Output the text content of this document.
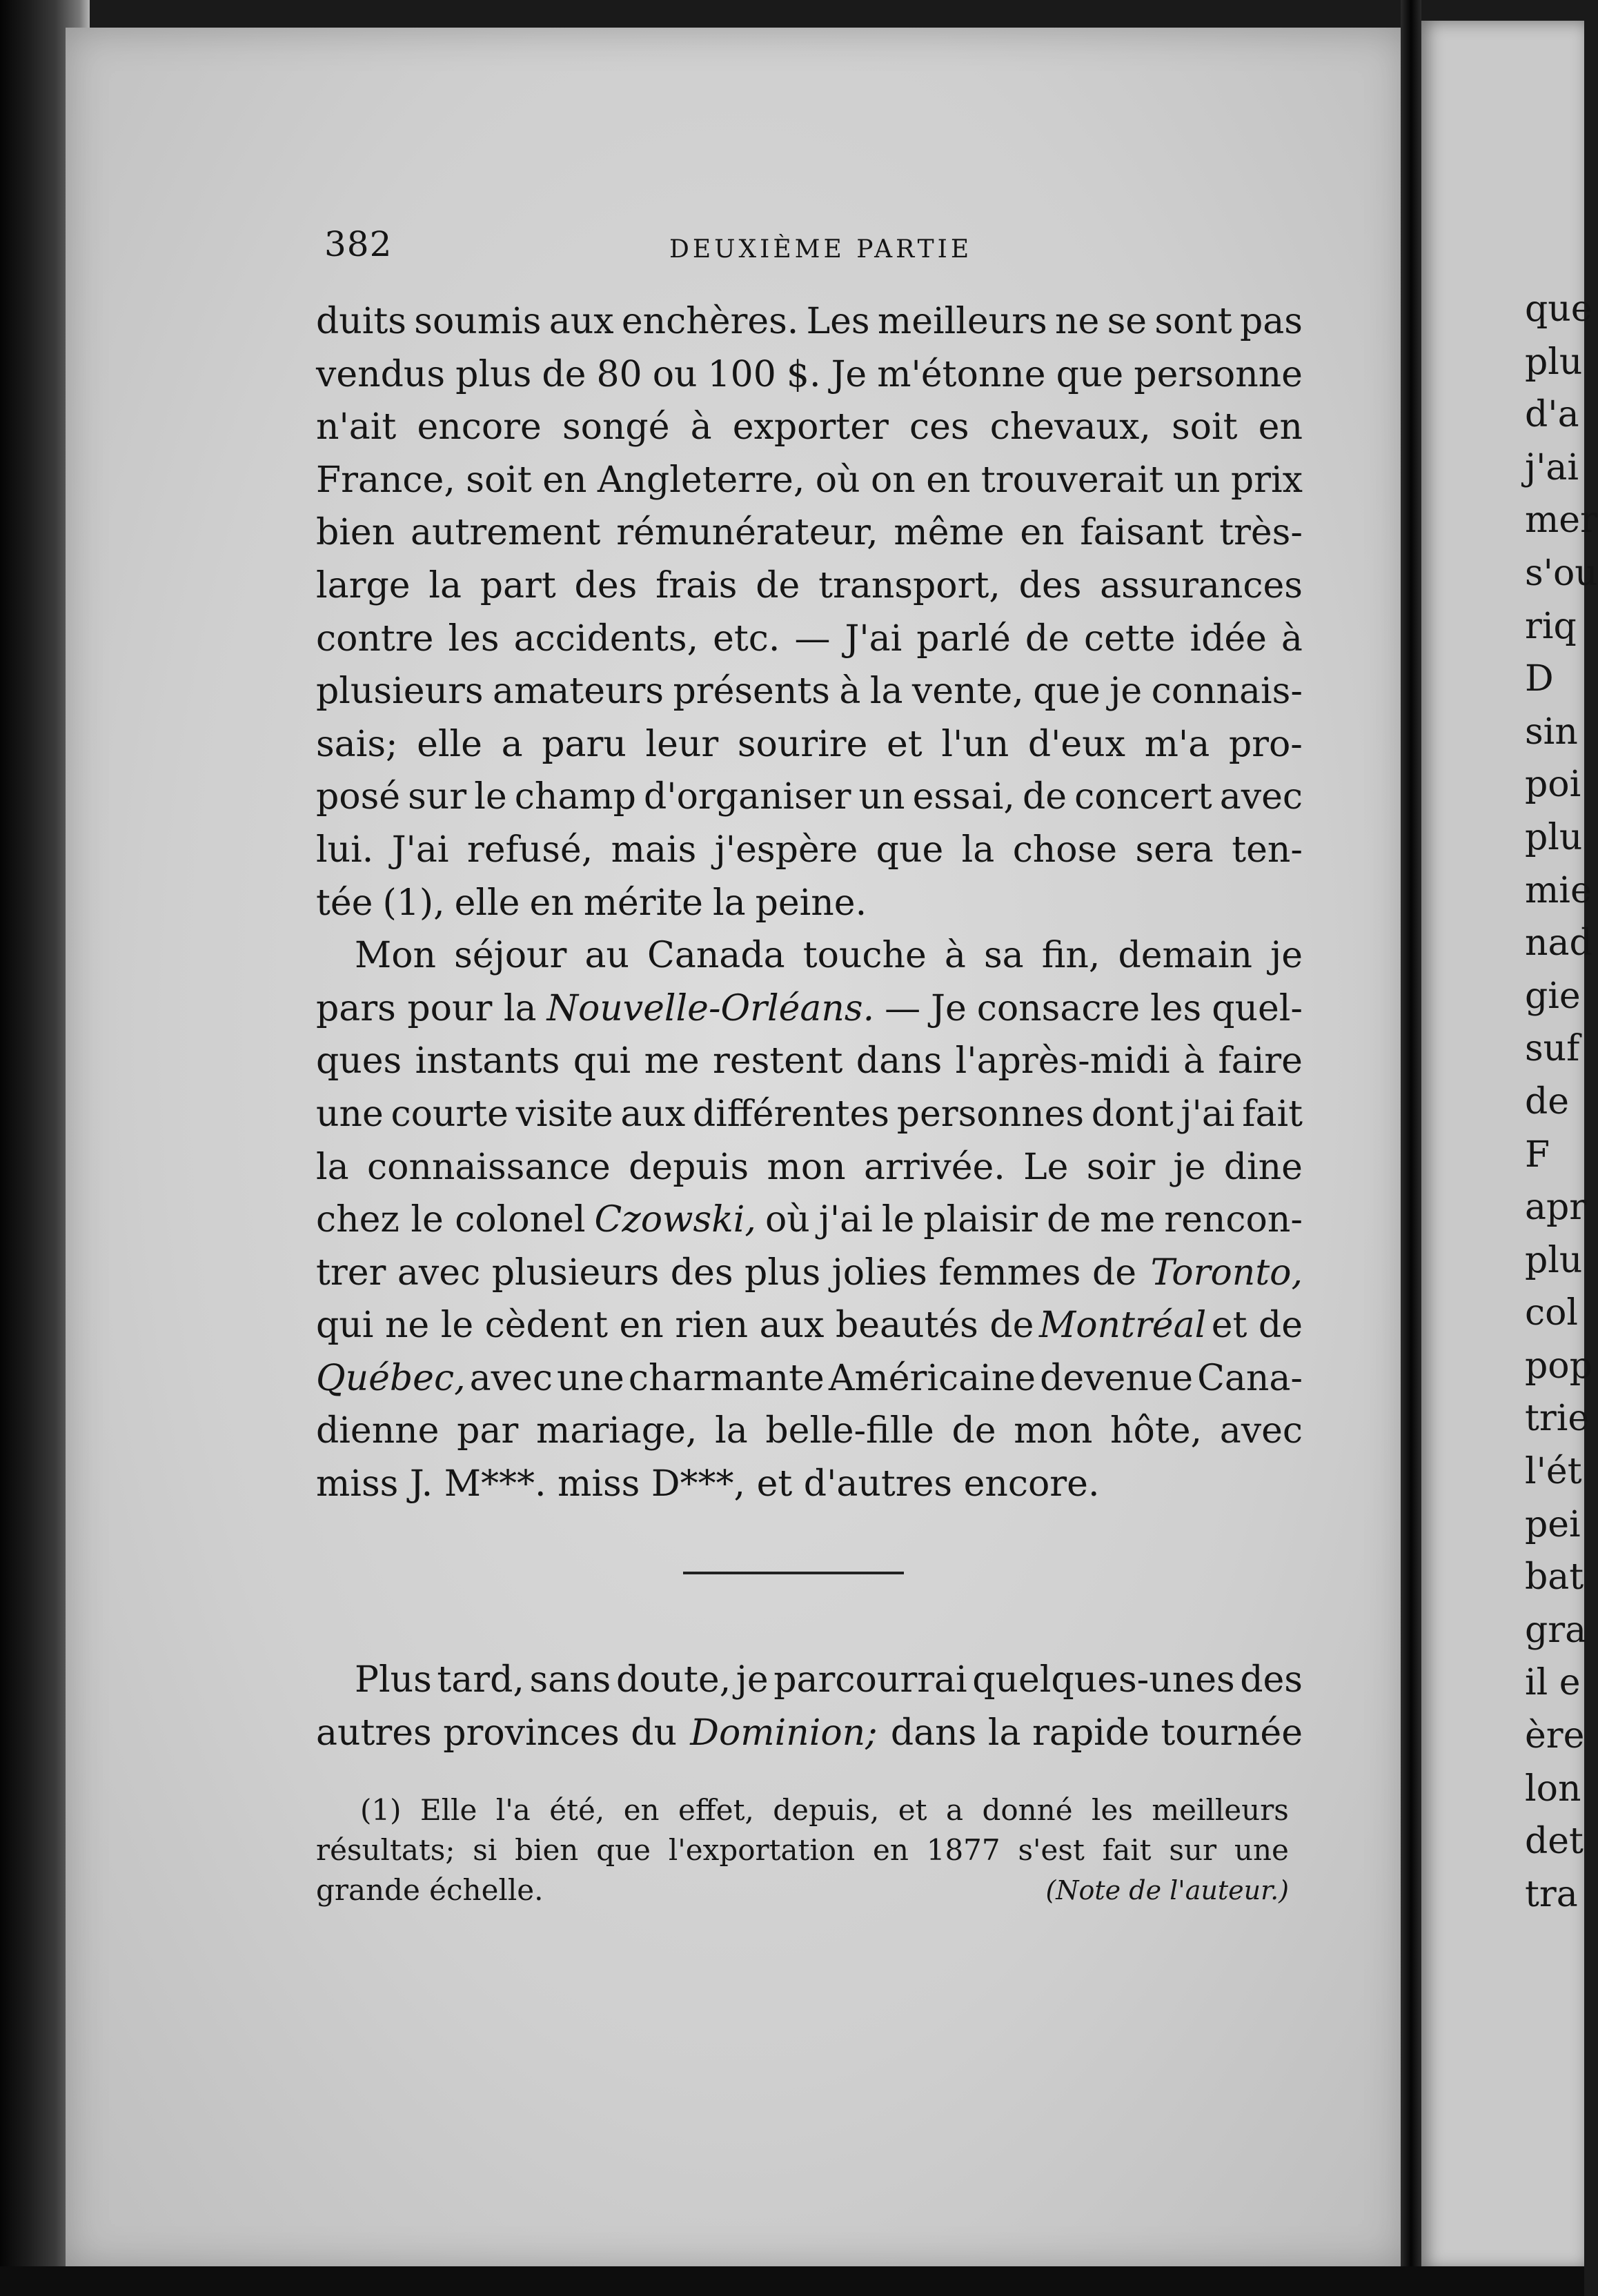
382	DEUXIÈME PARTIE
duits soumis aux enchères. Les meilleurs ne se sont pas
vendus plus de 80 ou 100 $. Je m'étonne que personne
n'ait encore songé à exporter ces chevaux, soit en
France, soit en Angleterre, où on en trouverait un prix
bien autrement rémunérateur, même en faisant très-
large la part des frais de transport, des assurances
contre les accidents, etc. — J'ai parlé de cette idée à
plusieurs amateurs présents à la vente, que je connais-
sais; elle a paru leur sourire et l'un d'eux m'a pro-
posé sur le champ d'organiser un essai, de concert avec
lui. J'ai refusé, mais j'espère que la chose sera ten-
tée (1), elle en mérite la peine.
Mon séjour au Canada touche à sa fin, demain je
pars pour la Nouvelle-Orléans. — Je consacre les quel-
ques instants qui me restent dans l'après-midi à faire
une courte visite aux différentes personnes dont j'ai fait
la connaissance depuis mon arrivée. Le soir je dine
chez le colonel Czowski, où j'ai le plaisir de me rencon-
trer avec plusieurs des plus jolies femmes de Toronto,
qui ne le cèdent en rien aux beautés de Montréal et de
Québec, avec une charmante Américaine devenue Cana-
dienne par mariage, la belle-fille de mon hôte, avec
miss J. M***. miss D***, et d'autres encore.
Plus tard, sans doute, je parcourrai quelques-unes des
autres provinces du Dominion; dans la rapide tournée
(1) Elle l'a été, en effet, depuis, et a donné les meilleurs
résultats; si bien que l'exportation en 1877 s'est fait sur une
grande échelle.	(Note de l'auteur.)
que
plu
d'a
j'ai
mer
s'ou
riq
D
sin
poi
plu
mie
nad
gie
suf
de
F
apr
plu
col
pop
trie
l'ét
pei
bat
gra
il e
ère
lon
det
tra
